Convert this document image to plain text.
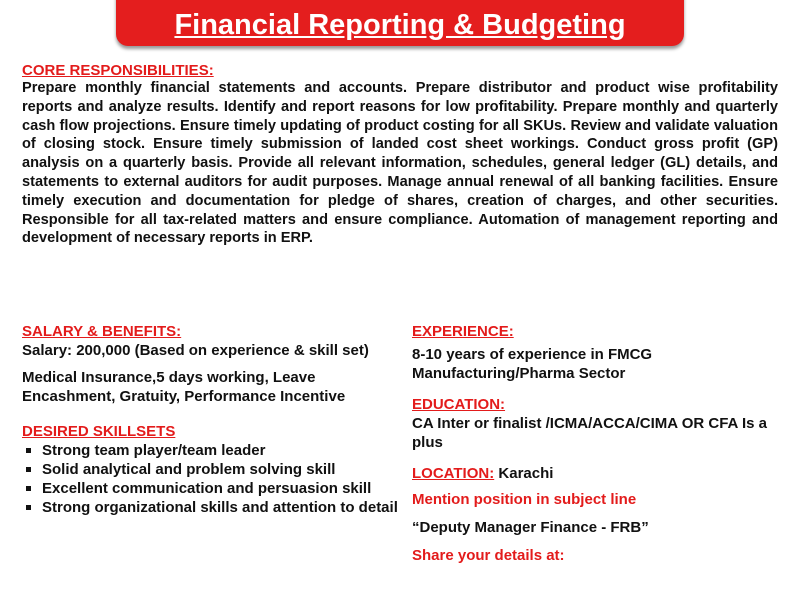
Financial Reporting & Budgeting
CORE RESPONSIBILITIES:

Prepare monthly financial statements and accounts. Prepare distributor and product wise profitability reports and analyze results. Identify and report reasons for low profitability. Prepare monthly and quarterly cash flow projections. Ensure timely updating of product costing for all SKUs. Review and validate valuation of closing stock. Ensure timely submission of landed cost sheet workings. Conduct gross profit (GP) analysis on a quarterly basis. Provide all relevant information, schedules, general ledger (GL) details, and statements to external auditors for audit purposes. Manage annual renewal of all banking facilities. Ensure timely execution and documentation for pledge of shares, creation of charges, and other securities. Responsible for all tax-related matters and ensure compliance. Automation of management reporting and development of necessary reports in ERP.

SALARY & BENEFITS:
Salary: 200,000 (Based on experience & skill set)
Medical Insurance,5 days working, Leave Encashment, Gratuity, Performance Incentive
DESIRED SKILLSETS
Strong team player/team leader
Solid analytical and problem solving skill
Excellent communication and persuasion skill
Strong organizational skills and attention to detail
EXPERIENCE:
8-10 years of experience in FMCG Manufacturing/Pharma Sector
EDUCATION:
CA Inter or finalist /ICMA/ACCA/CIMA OR CFA Is a plus
LOCATION: Karachi
Mention position in subject line
“Deputy Manager Finance - FRB”
Share your details at:
